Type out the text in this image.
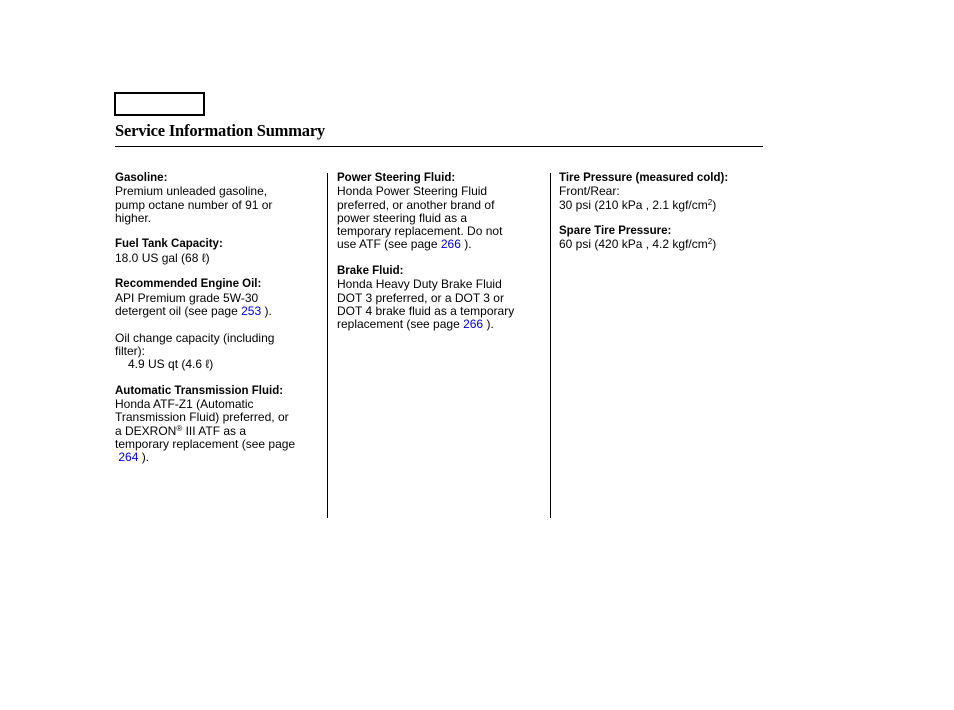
Service Information Summary
Gasoline:
Premium unleaded gasoline,
pump octane number of 91 or
higher.
Fuel Tank Capacity:
18.0 US gal (68 ℓ)
Recommended Engine Oil:
API Premium grade 5W-30
detergent oil (see page 253 ).
Oil change capacity (including
filter):
4.9 US qt (4.6 ℓ)
Automatic Transmission Fluid:
Honda ATF-Z1 (Automatic
Transmission Fluid) preferred, or
a DEXRON® III ATF as a
temporary replacement (see page
264 ).
Power Steering Fluid:
Honda Power Steering Fluid
preferred, or another brand of
power steering fluid as a
temporary replacement. Do not
use ATF (see page 266 ).
Brake Fluid:
Honda Heavy Duty Brake Fluid
DOT 3 preferred, or a DOT 3 or
DOT 4 brake fluid as a temporary
replacement (see page 266 ).
Tire Pressure (measured cold):
Front/Rear:
30 psi (210 kPa , 2.1 kgf/$cm^2$)
Spare Tire Pressure:
60 psi (420 kPa , 4.2 kgf/$cm^2$)
